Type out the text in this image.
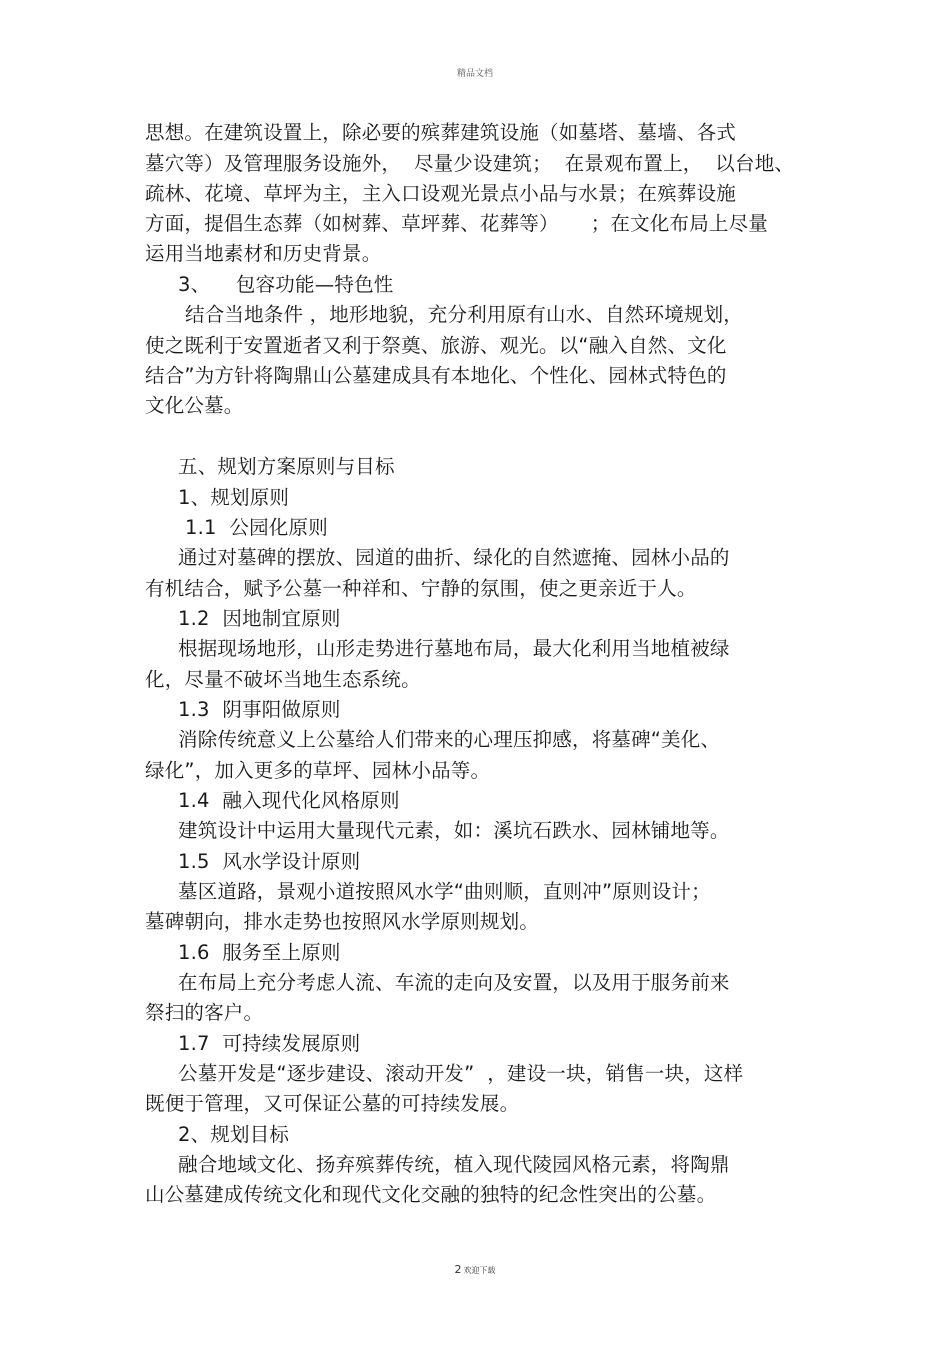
精品文档
思想。在建筑设置上，除必要的殡葬建筑设施（如墓塔、墓墙、各式
墓穴等）及管理服务设施外，  尽量少设建筑；  在景观布置上，  以台地、
疏林、花境、草坪为主，主入口设观光景点小品与水景；在殡葬设施
方面，提倡生态葬（如树葬、草坪葬、花葬等）     ；在文化布局上尽量
运用当地素材和历史背景。
3、    包容功能—特色性
结合当地条件 ，地形地貌，充分利用原有山水、自然环境规划，
使之既利于安置逝者又利于祭奠、旅游、观光。以“融入自然、文化
结合”为方针将陶鼎山公墓建成具有本地化、个性化、园林式特色的
文化公墓。
五、规划方案原则与目标
1、规划原则
1.1  公园化原则
通过对墓碑的摆放、园道的曲折、绿化的自然遮掩、园林小品的
有机结合，赋予公墓一种祥和、宁静的氛围，使之更亲近于人。
1.2  因地制宜原则
根据现场地形，山形走势进行墓地布局，最大化利用当地植被绿
化，尽量不破坏当地生态系统。
1.3  阴事阳做原则
消除传统意义上公墓给人们带来的心理压抑感，将墓碑“美化、
绿化”，加入更多的草坪、园林小品等。
1.4  融入现代化风格原则
建筑设计中运用大量现代元素，如：溪坑石跌水、园林铺地等。
1.5  风水学设计原则
墓区道路，景观小道按照风水学“曲则顺，直则冲”原则设计；
墓碑朝向，排水走势也按照风水学原则规划。
1.6  服务至上原则
在布局上充分考虑人流、车流的走向及安置，以及用于服务前来
祭扫的客户。
1.7  可持续发展原则
公墓开发是“逐步建设、滚动开发”  ，建设一块，销售一块，这样
既便于管理，又可保证公墓的可持续发展。
2、规划目标
融合地域文化、扬弃殡葬传统，植入现代陵园风格元素，将陶鼎
山公墓建成传统文化和现代文化交融的独特的纪念性突出的公墓。
2 欢迎下载
